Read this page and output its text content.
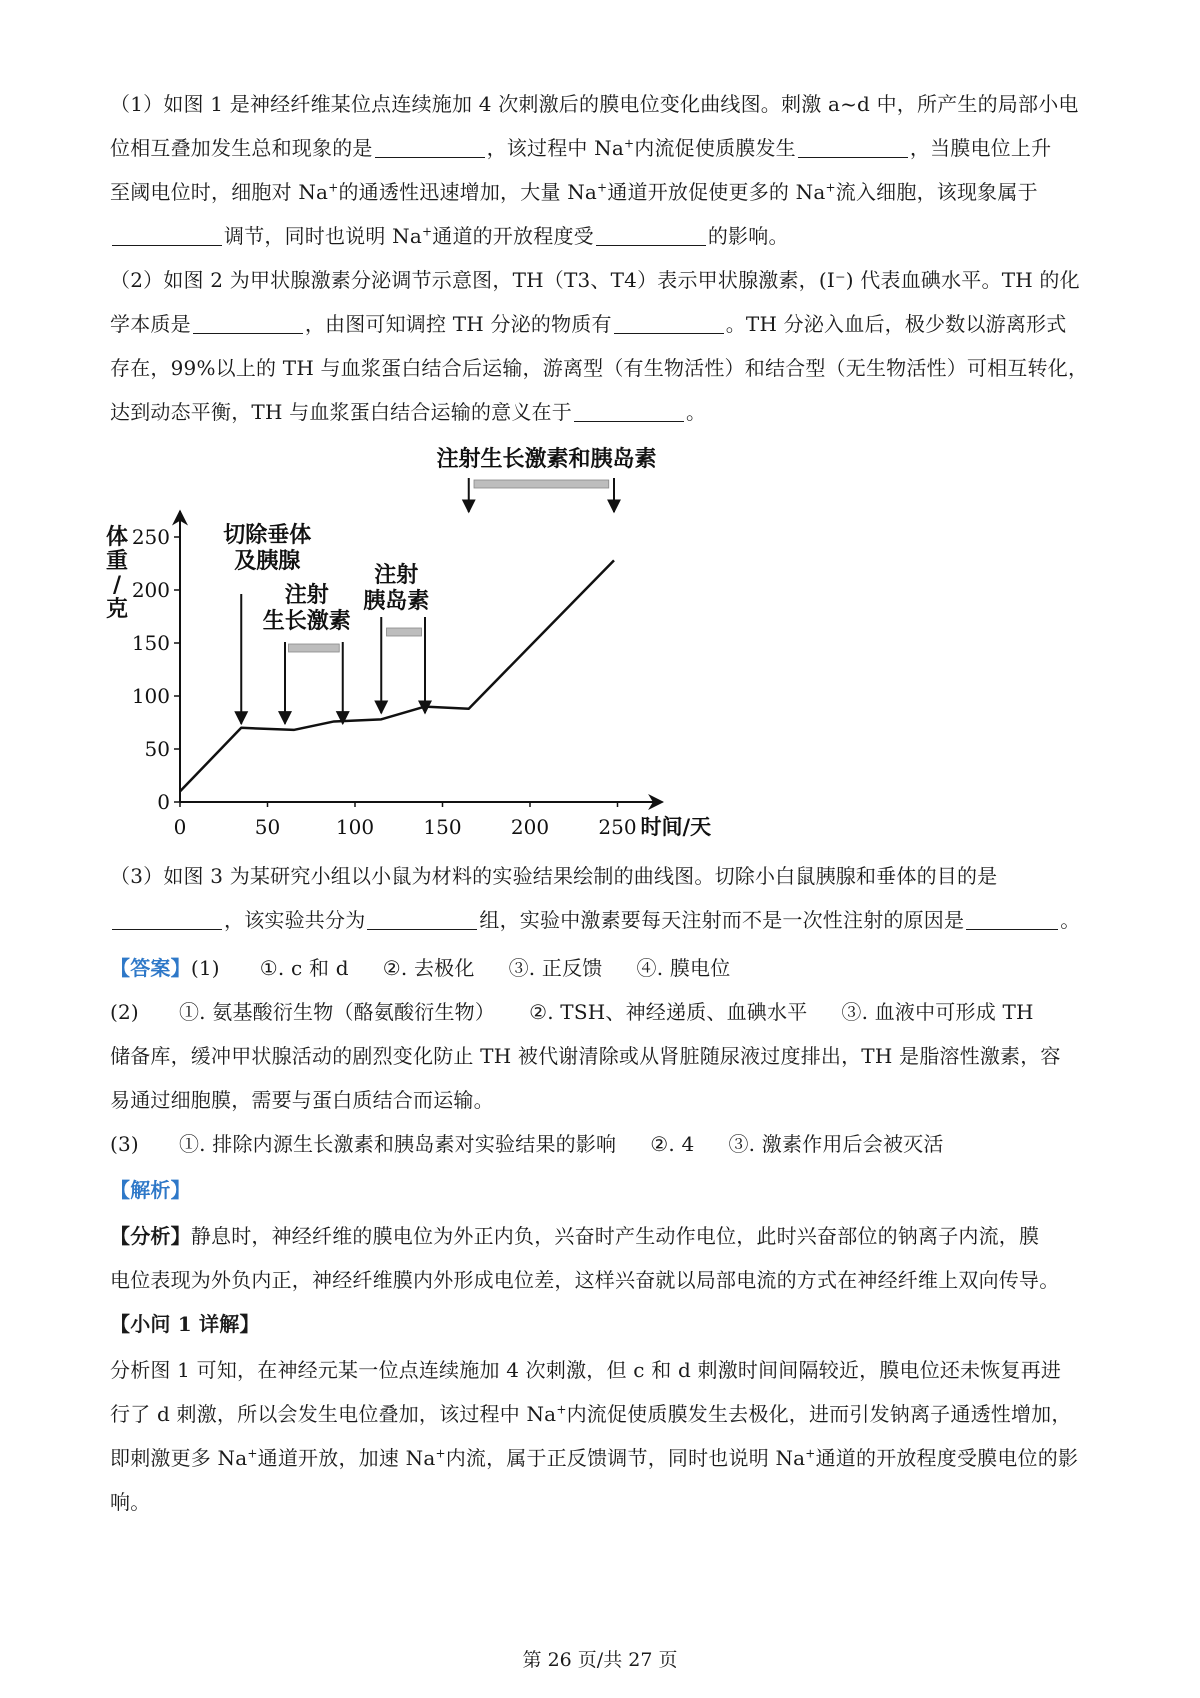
（1）如图 1 是神经纤维某位点连续施加 4 次刺激后的膜电位变化曲线图。刺激 a~d 中，所产生的局部小电

位相互叠加发生总和现象的是	，该过程中 Na+内流促使质膜发生	，当膜电位上升

至阈电位时，细胞对 Na+的通透性迅速增加，大量 Na+通道开放促使更多的 Na+流入细胞，该现象属于

调节，同时也说明 Na+通道的开放程度受	的影响。

（2）如图 2 为甲状腺激素分泌调节示意图，TH（T3、T4）表示甲状腺激素，(I⁻) 代表血碘水平。TH 的化

学本质是	，由图可知调控 TH 分泌的物质有	。TH 分泌入血后，极少数以游离形式

存在，99%以上的 TH 与血浆蛋白结合后运输，游离型（有生物活性）和结合型（无生物活性）可相互转化，

达到动态平衡，TH 与血浆蛋白结合运输的意义在于	。

0
50
100
150
200
250
0	50	100 150 200 250 时间/天
体
重
/
克
切除垂体
及胰腺
注射
生长激素
注射
胰岛素
注射生长激素和胰岛素

（3）如图 3 为某研究小组以小鼠为材料的实验结果绘制的曲线图。切除小白鼠胰腺和垂体的目的是

，该实验共分为	组，实验中激素要每天注射而不是一次性注射的原因是	。

【答案】(1) ①. c 和 d ②. 去极化 ③. 正反馈 ④. 膜电位

(2) ①. 氨基酸衍生物（酪氨酸衍生物） ②. TSH、神经递质、血碘水平 ③. 血液中可形成 TH

储备库，缓冲甲状腺活动的剧烈变化防止 TH 被代谢清除或从肾脏随尿液过度排出，TH 是脂溶性激素，容

易通过细胞膜，需要与蛋白质结合而运输。

(3) ①. 排除内源生长激素和胰岛素对实验结果的影响 ②. 4 ③. 激素作用后会被灭活

【解析】

【分析】静息时，神经纤维的膜电位为外正内负，兴奋时产生动作电位，此时兴奋部位的钠离子内流，膜

电位表现为外负内正，神经纤维膜内外形成电位差，这样兴奋就以局部电流的方式在神经纤维上双向传导。

【小问 1 详解】

分析图 1 可知，在神经元某一位点连续施加 4 次刺激，但 c 和 d 刺激时间间隔较近，膜电位还未恢复再进

行了 d 刺激，所以会发生电位叠加，该过程中 Na+内流促使质膜发生去极化，进而引发钠离子通透性增加，

即刺激更多 Na+通道开放，加速 Na+内流，属于正反馈调节，同时也说明 Na+通道的开放程度受膜电位的影

响。

第 26 页/共 27 页
